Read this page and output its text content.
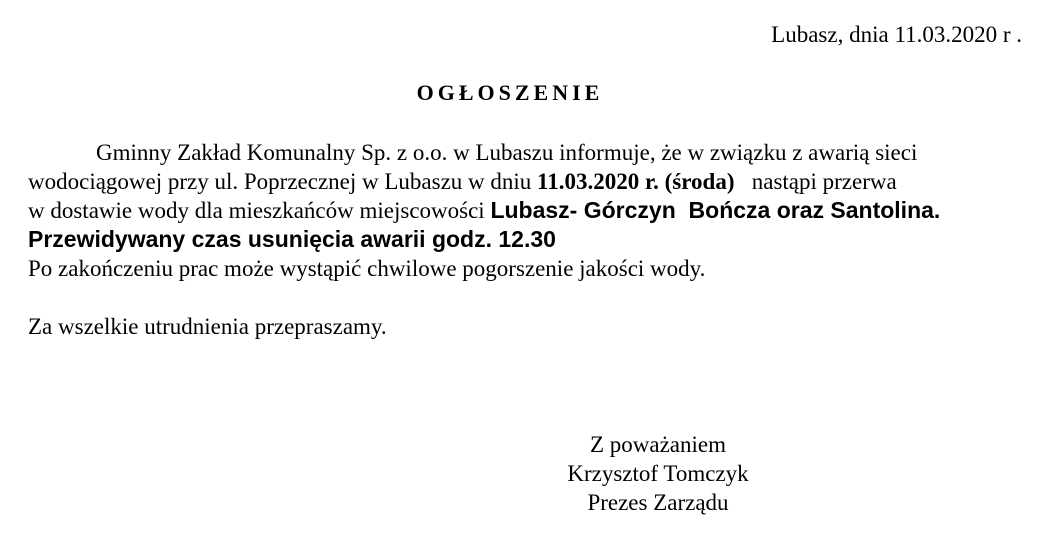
Lubasz, dnia 11.03.2020 r .
OGŁOSZENIE
Gminny Zakład Komunalny Sp. z o.o. w Lubaszu informuje, że w związku z awarią sieci
wodociągowej przy ul. Poprzecznej w Lubaszu w dniu 11.03.2020 r. (środa)   nastąpi przerwa
w dostawie wody dla mieszkańców miejscowości Lubasz- Górczyn  Bończa oraz Santolina.
Przewidywany czas usunięcia awarii godz. 12.30
Po zakończeniu prac może wystąpić chwilowe pogorszenie jakości wody.
Za wszelkie utrudnienia przepraszamy.
Z poważaniem
Krzysztof Tomczyk
Prezes Zarządu
